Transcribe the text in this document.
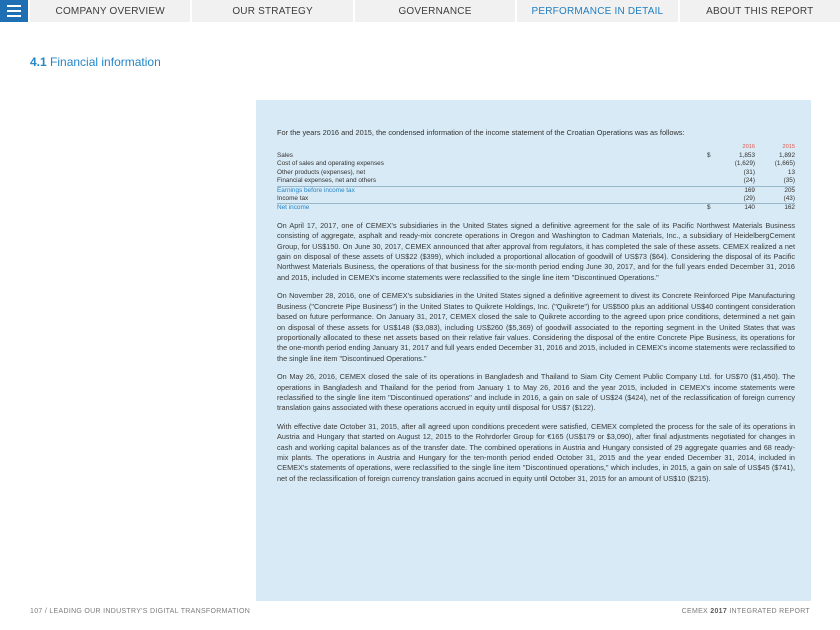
COMPANY OVERVIEW	OUR STRATEGY	GOVERNANCE	PERFORMANCE IN DETAIL	ABOUT THIS REPORT
4.1 Financial information

For the years 2016 and 2015, the condensed information of the income statement of the Croatian Operations was as follows:

		2016	2015
Sales	$	1,853	1,892
Cost of sales and operating expenses		(1,629)	(1,665)
Other products (expenses), net		(31)	13
Financial expenses, net and others		(24)	(35)
Earnings before income tax		169	205
Income tax		(29)	(43)
Net income	$	140	162

On April 17, 2017, one of CEMEX's subsidiaries in the United States signed a definitive agreement for the sale of its Pacific Northwest Materials Business consisting of aggregate, asphalt and ready-mix concrete operations in Oregon and Washington to Cadman Materials, Inc., a subsidiary of HeidelbergCement Group, for US$150. On June 30, 2017, CEMEX announced that after approval from regulators, it has completed the sale of these assets. CEMEX realized a net gain on disposal of these assets of US$22 ($399), which included a proportional allocation of goodwill of US$73 ($64). Considering the disposal of its Pacific Northwest Materials Business, the operations of that business for the six-month period ending June 30, 2017, and for the full years ended December 31, 2016 and 2015, included in CEMEX's income statements were reclassified to the single line item "Discontinued Operations."

On November 28, 2016, one of CEMEX's subsidiaries in the United States signed a definitive agreement to divest its Concrete Reinforced Pipe Manufacturing Business ("Concrete Pipe Business") in the United States to Quikrete Holdings, Inc. ("Quikrete") for US$500 plus an additional US$40 contingent consideration based on future performance. On January 31, 2017, CEMEX closed the sale to Quikrete according to the agreed upon price conditions, determined a net gain on disposal of these assets for US$148 ($3,083), including US$260 ($5,369) of goodwill associated to the reporting segment in the United States that was proportionally allocated to these net assets based on their relative fair values. Considering the disposal of the entire Concrete Pipe Business, its operations for the one-month period ending January 31, 2017 and full years ended December 31, 2016 and 2015, included in CEMEX's income statements were reclassified to the single line item "Discontinued Operations."

On May 26, 2016, CEMEX closed the sale of its operations in Bangladesh and Thailand to Siam City Cement Public Company Ltd. for US$70 ($1,450). The operations in Bangladesh and Thailand for the period from January 1 to May 26, 2016 and the year 2015, included in CEMEX's income statements were reclassified to the single line item "Discontinued operations" and include in 2016, a gain on sale of US$24 ($424), net of the reclassification of foreign currency translation gains associated with these operations accrued in equity until disposal for US$7 ($122).

With effective date October 31, 2015, after all agreed upon conditions precedent were satisfied, CEMEX completed the process for the sale of its operations in Austria and Hungary that started on August 12, 2015 to the Rohrdorfer Group for €165 (US$179 or $3,090), after final adjustments negotiated for changes in cash and working capital balances as of the transfer date. The combined operations in Austria and Hungary consisted of 29 aggregate quarries and 68 ready-mix plants. The operations in Austria and Hungary for the ten-month period ended October 31, 2015 and the year ended December 31, 2014, included in CEMEX's statements of operations, were reclassified to the single line item "Discontinued operations," which includes, in 2015, a gain on sale of US$45 ($741), net of the reclassification of foreign currency translation gains accrued in equity until October 31, 2015 for an amount of US$10 ($215).

107 / LEADING OUR INDUSTRY'S DIGITAL TRANSFORMATION	CEMEX 2017 INTEGRATED REPORT
